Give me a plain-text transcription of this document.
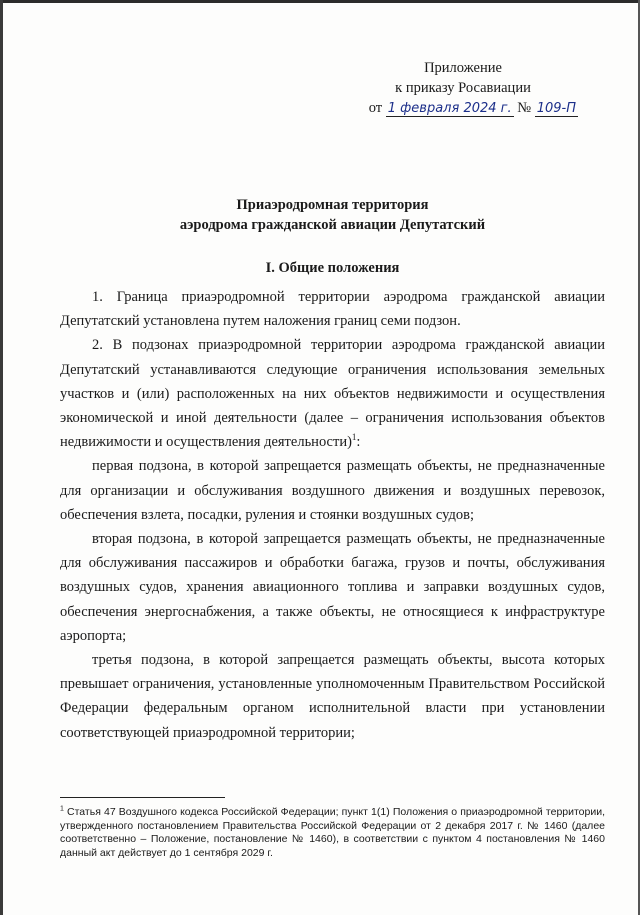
Приложение
к приказу Росавиации
от 1 февраля 2024 г. № 109-П
Приаэродромная территория
аэродрома гражданской авиации Депутатский
I. Общие положения

1. Граница приаэродромной территории аэродрома гражданской авиации Депутатский установлена путем наложения границ семи подзон.

2. В подзонах приаэродромной территории аэродрома гражданской авиации Депутатский устанавливаются следующие ограничения использования земельных участков и (или) расположенных на них объектов недвижимости и осуществления экономической и иной деятельности (далее – ограничения использования объектов недвижимости и осуществления деятельности)$^1$:

первая подзона, в которой запрещается размещать объекты, не предназначенные для организации и обслуживания воздушного движения и воздушных перевозок, обеспечения взлета, посадки, руления и стоянки воздушных судов;

вторая подзона, в которой запрещается размещать объекты, не предназначенные для обслуживания пассажиров и обработки багажа, грузов и почты, обслуживания воздушных судов, хранения авиационного топлива и заправки воздушных судов, обеспечения энергоснабжения, а также объекты, не относящиеся к инфраструктуре аэропорта;

третья подзона, в которой запрещается размещать объекты, высота которых превышает ограничения, установленные уполномоченным Правительством Российской Федерации федеральным органом исполнительной власти при установлении соответствующей приаэродромной территории;

$^1$ Статья 47 Воздушного кодекса Российской Федерации; пункт 1(1) Положения о приаэродромной территории, утвержденного постановлением Правительства Российской Федерации от 2 декабря 2017 г. № 1460 (далее соответственно – Положение, постановление № 1460), в соответствии с пунктом 4 постановления № 1460 данный акт действует до 1 сентября 2029 г.
